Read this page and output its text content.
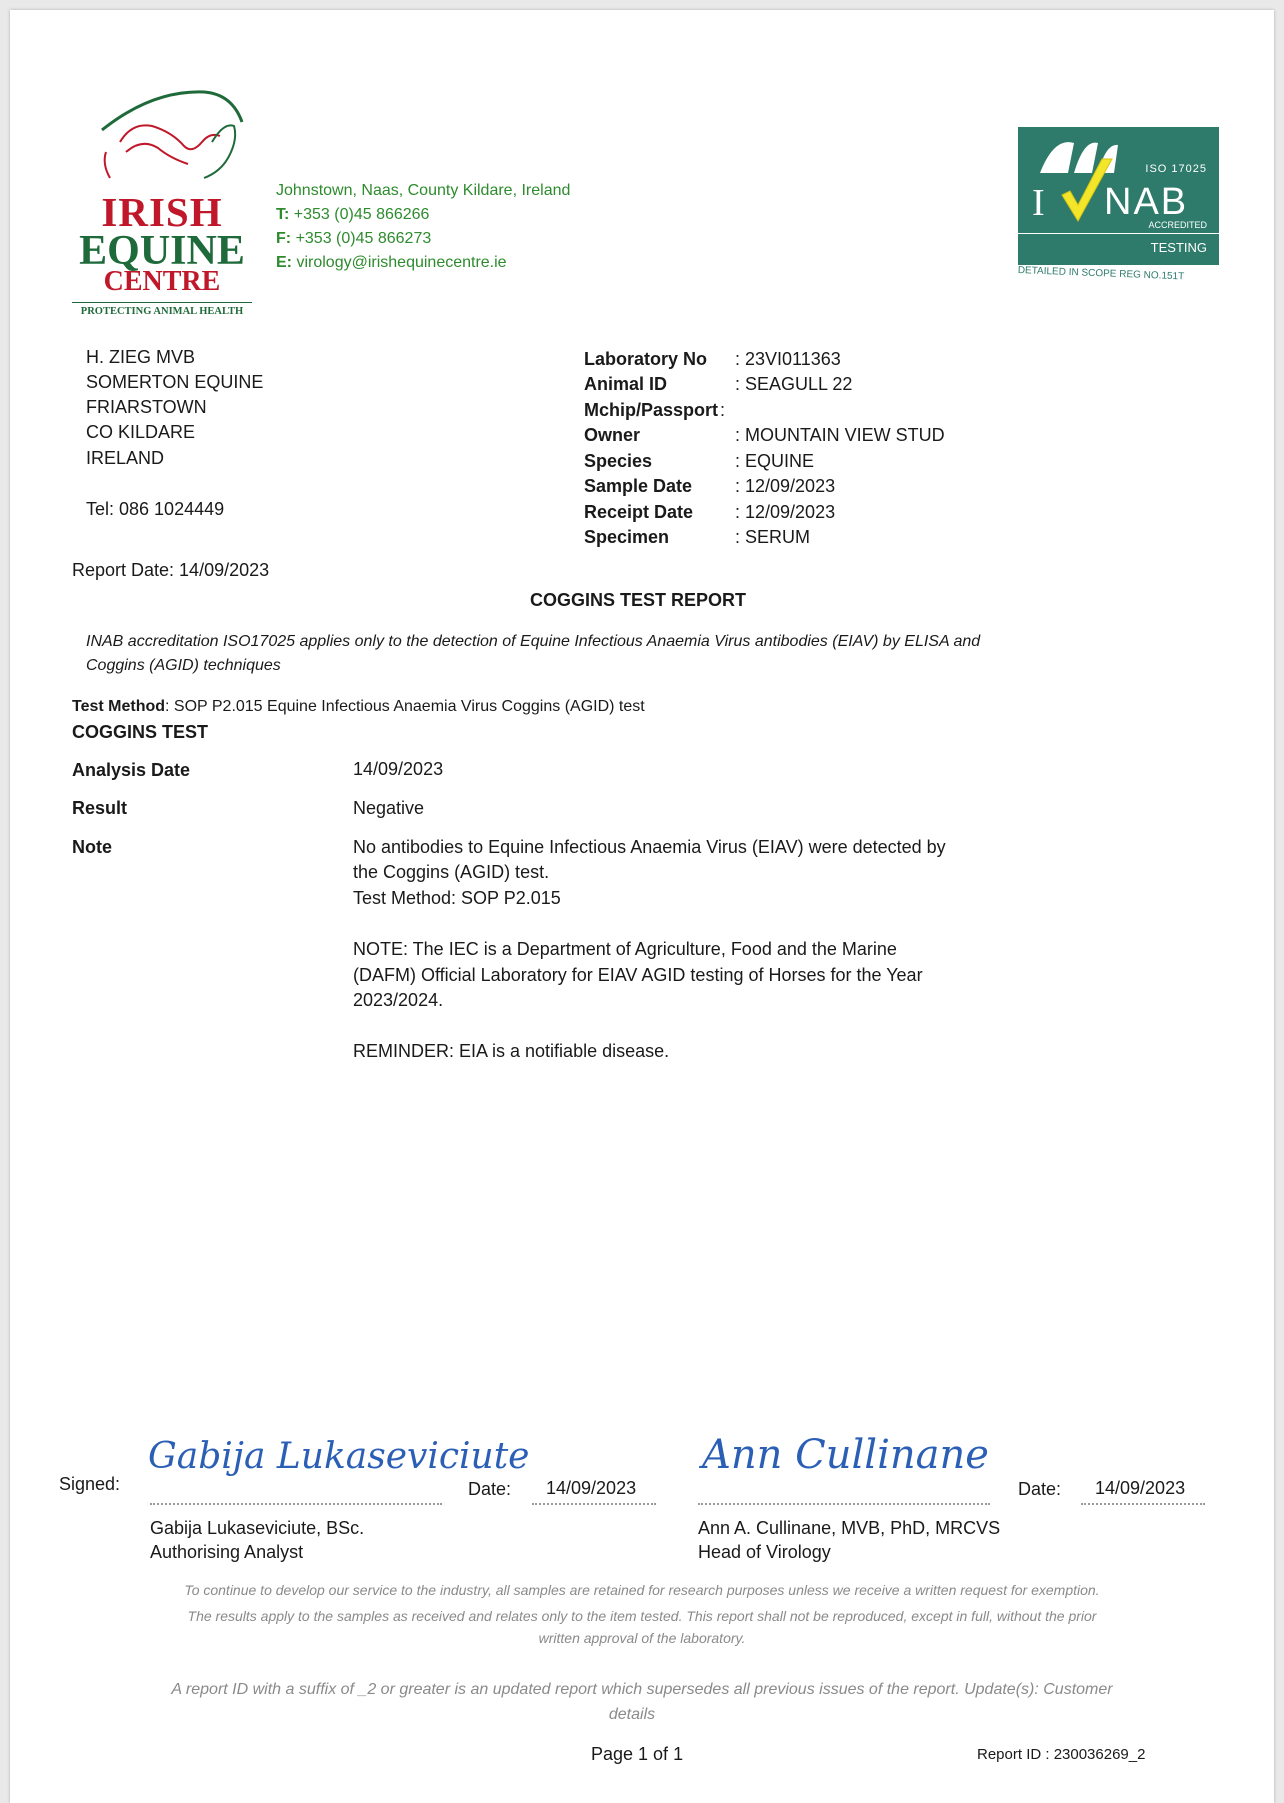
IRISH
EQUINE
CENTRE
PROTECTING ANIMAL HEALTH
Johnstown, Naas, County Kildare, Ireland
T: +353 (0)45 866266
F: +353 (0)45 866273
E: virology@irishequinecentre.ie
ISO 17025
I NAB
ACCREDITED
TESTING
DETAILED IN SCOPE REG NO.151T
H. ZIEG MVB
SOMERTON EQUINE
FRIARSTOWN
CO KILDARE
IRELAND
Tel: 086 1024449
Laboratory No : 23VI011363
Animal ID	: SEAGULL 22
Mchip/Passport :
Owner	: MOUNTAIN VIEW STUD
Species	: EQUINE
Sample Date : 12/09/2023
Receipt Date : 12/09/2023
Specimen	: SERUM
Report Date: 14/09/2023
COGGINS TEST REPORT
INAB accreditation ISO17025 applies only to the detection of Equine Infectious Anaemia Virus antibodies (EIAV) by ELISA and
Coggins (AGID) techniques
Test Method: SOP P2.015 Equine Infectious Anaemia Virus Coggins (AGID) test
COGGINS TEST
Analysis Date	14/09/2023
Result	Negative
Note	No antibodies to Equine Infectious Anaemia Virus (EIAV) were detected by
the Coggins (AGID) test.
Test Method: SOP P2.015
NOTE: The IEC is a Department of Agriculture, Food and the Marine
(DAFM) Official Laboratory for EIAV AGID testing of Horses for the Year
2023/2024.
REMINDER: EIA is a notifiable disease.
Signed:
Gabija Lukaseviciute
Date: 14/09/2023
Gabija Lukaseviciute, BSc.
Authorising Analyst
Ann Cullinane
Date: 14/09/2023
Ann A. Cullinane, MVB, PhD, MRCVS
Head of Virology
To continue to develop our service to the industry, all samples are retained for research purposes unless we receive a written request for exemption.
The results apply to the samples as received and relates only to the item tested. This report shall not be reproduced, except in full, without the prior
written approval of the laboratory.
A report ID with a suffix of _2 or greater is an updated report which supersedes all previous issues of the report. Update(s): Customer
details
Page 1 of 1	Report ID : 230036269_2
